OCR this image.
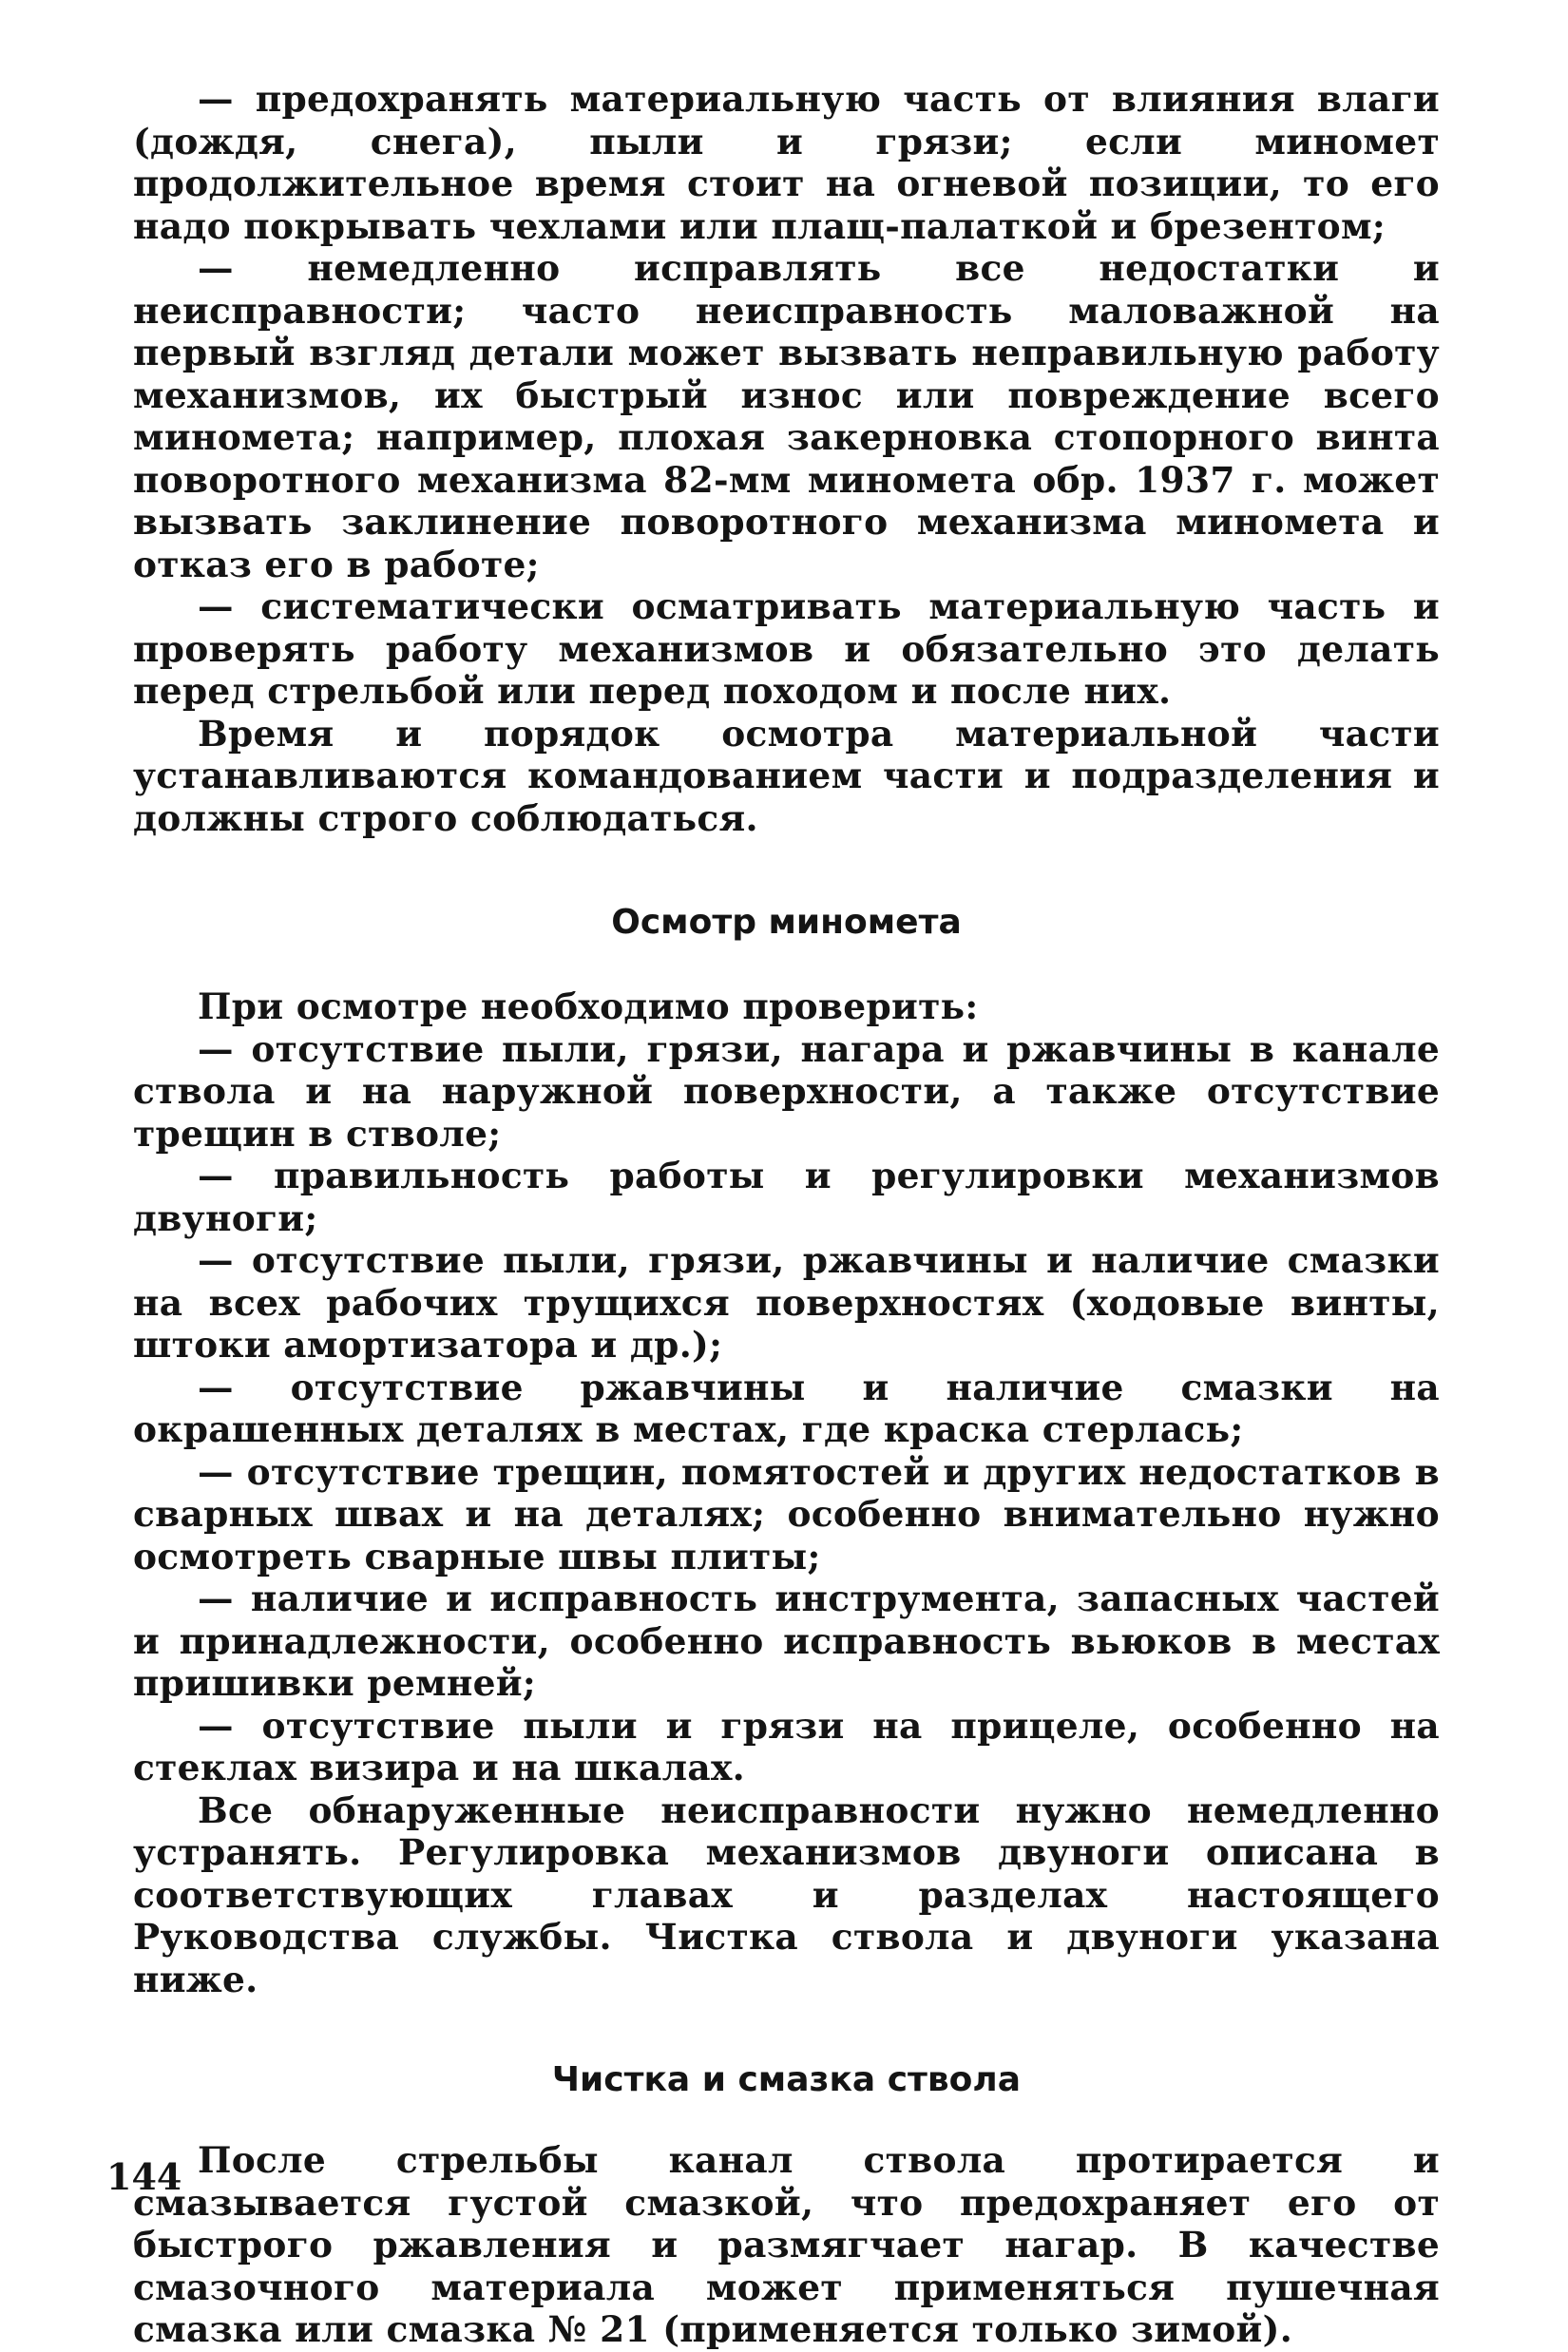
— предохранять материальную часть от влияния влаги (дождя, снега), пыли и грязи; если миномет продолжительное время стоит на огневой позиции, то его надо покрывать чехлами или плащ-палаткой и брезентом;

— немедленно исправлять все недостатки и неисправности; часто неисправность маловажной на первый взгляд детали может вызвать неправильную работу механизмов, их быстрый износ или повреждение всего миномета; например, плохая закерновка стопорного винта поворотного механизма 82-мм миномета обр. 1937 г. может вызвать заклинение поворотного механизма миномета и отказ его в работе;

— систематически осматривать материальную часть и проверять работу механизмов и обязательно это делать перед стрельбой или перед походом и после них.

Время и порядок осмотра материальной части устанавливаются командованием части и подразделения и должны строго соблюдаться.

Осмотр миномета

При осмотре необходимо проверить:

— отсутствие пыли, грязи, нагара и ржавчины в канале ствола и на наружной поверхности, а также отсутствие трещин в стволе;

— правильность работы и регулировки механизмов двуноги;

— отсутствие пыли, грязи, ржавчины и наличие смазки на всех рабочих трущихся поверхностях (ходовые винты, штоки амортизатора и др.);

— отсутствие ржавчины и наличие смазки на окрашенных деталях в местах, где краска стерлась;

— отсутствие трещин, помятостей и других недостатков в сварных швах и на деталях; особенно внимательно нужно осмотреть сварные швы плиты;

— наличие и исправность инструмента, запасных частей и принадлежности, особенно исправность вьюков в местах пришивки ремней;

— отсутствие пыли и грязи на прицеле, особенно на стеклах визира и на шкалах.

Все обнаруженные неисправности нужно немедленно устранять. Регулировка механизмов двуноги описана в соответствующих главах и разделах настоящего Руководства службы. Чистка ствола и двуноги указана ниже.

Чистка и смазка ствола

После стрельбы канал ствола протирается и смазывается густой смазкой, что предохраняет его от быстрого ржавления и размягчает нагар. В качестве смазочного материала может применяться пушечная смазка или смазка № 21 (применяется только зимой).

144
